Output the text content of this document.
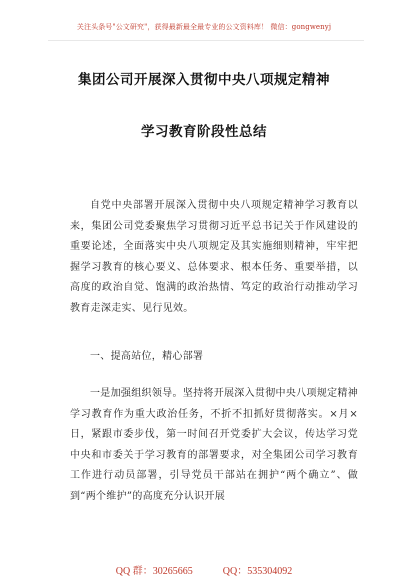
关注头条号"公文研究"，获得最新最全最专业的公文资料库！ 微信：gongwenyj
集团公司开展深入贯彻中央八项规定精神
学习教育阶段性总结
自党中央部署开展深入贯彻中央八项规定精神学习教育以来，集团公司党委聚焦学习贯彻习近平总书记关于作风建设的重要论述，全面落实中央八项规定及其实施细则精神，牢牢把握学习教育的核心要义、总体要求、根本任务、重要举措，以高度的政治自觉、饱满的政治热情、笃定的政治行动推动学习教育走深走实、见行见效。
一、提高站位，精心部署
一是加强组织领导。坚持将开展深入贯彻中央八项规定精神学习教育作为重大政治任务，不折不扣抓好贯彻落实。×月×日，紧跟市委步伐，第一时间召开党委扩大会议，传达学习党中央和市委关于学习教育的部署要求，对全集团公司学习教育工作进行动员部署，引导党员干部站在拥护“两个确立”、做到“两个维护”的高度充分认识开展
QQ 群：30265665	QQ：535304092
